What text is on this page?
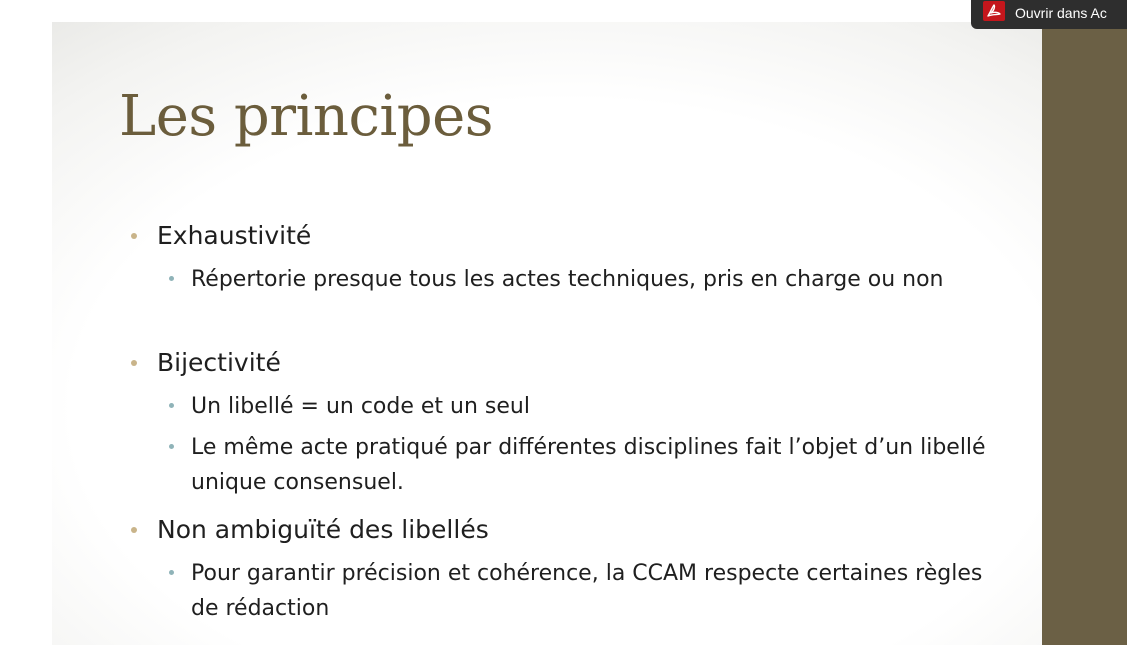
Les principes
Exhaustivité
Répertorie presque tous les actes techniques, pris en charge ou non
Bijectivité
Un libellé = un code et un seul
Le même acte pratiqué par différentes disciplines fait l’objet d’un libellé unique consensuel.
Non ambiguïté des libellés
Pour garantir précision et cohérence, la CCAM respecte certaines règles de rédaction
Ouvrir dans Ac
